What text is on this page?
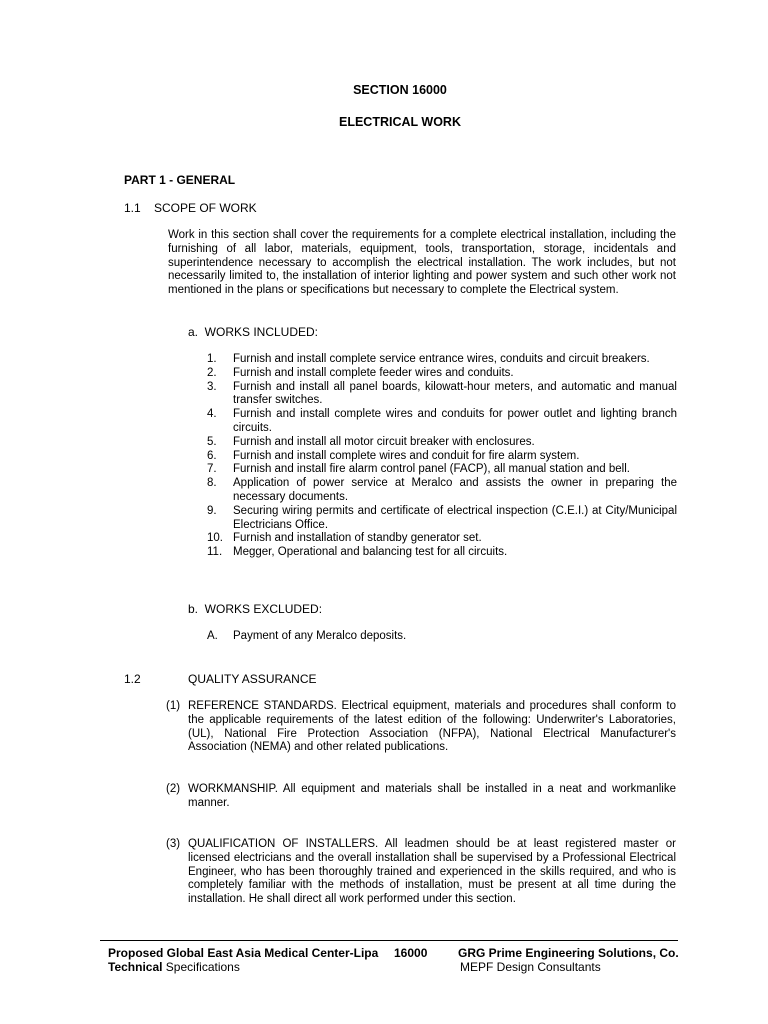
SECTION 16000
ELECTRICAL WORK
PART 1 - GENERAL
1.1 SCOPE OF WORK
Work in this section shall cover the requirements for a complete electrical installation, including the furnishing of all labor, materials, equipment, tools, transportation, storage, incidentals and superintendence necessary to accomplish the electrical installation. The work includes, but not necessarily limited to, the installation of interior lighting and power system and such other work not mentioned in the plans or specifications but necessary to complete the Electrical system.
a.  WORKS INCLUDED:
1. Furnish and install complete service entrance wires, conduits and circuit breakers.
2. Furnish and install complete feeder wires and conduits.
3. Furnish and install all panel boards, kilowatt-hour meters, and automatic and manual transfer switches.
4. Furnish and install complete wires and conduits for power outlet and lighting branch circuits.
5. Furnish and install all motor circuit breaker with enclosures.
6. Furnish and install complete wires and conduit for fire alarm system.
7. Furnish and install fire alarm control panel (FACP), all manual station and bell.
8. Application of power service at Meralco and assists the owner in preparing the necessary documents.
9. Securing wiring permits and certificate of electrical inspection (C.E.I.) at City/Municipal Electricians Office.
10. Furnish and installation of standby generator set.
11. Megger, Operational and balancing test for all circuits.
b.  WORKS EXCLUDED:
A. Payment of any Meralco deposits.
1.2	QUALITY ASSURANCE
(1) REFERENCE STANDARDS. Electrical equipment, materials and procedures shall conform to the applicable requirements of the latest edition of the following: Underwriter's Laboratories, (UL), National Fire Protection Association (NFPA), National Electrical Manufacturer's Association (NEMA) and other related publications.
(2) WORKMANSHIP. All equipment and materials shall be installed in a neat and workmanlike manner.
(3) QUALIFICATION OF INSTALLERS. All leadmen should be at least registered master or licensed electricians and the overall installation shall be supervised by a Professional Electrical Engineer, who has been thoroughly trained and experienced in the skills required, and who is completely familiar with the methods of installation, must be present at all time during the installation. He shall direct all work performed under this section.
Proposed Global East Asia Medical Center-Lipa 16000	GRG Prime Engineering Solutions, Co.
Technical Specifications	MEPF Design Consultants
